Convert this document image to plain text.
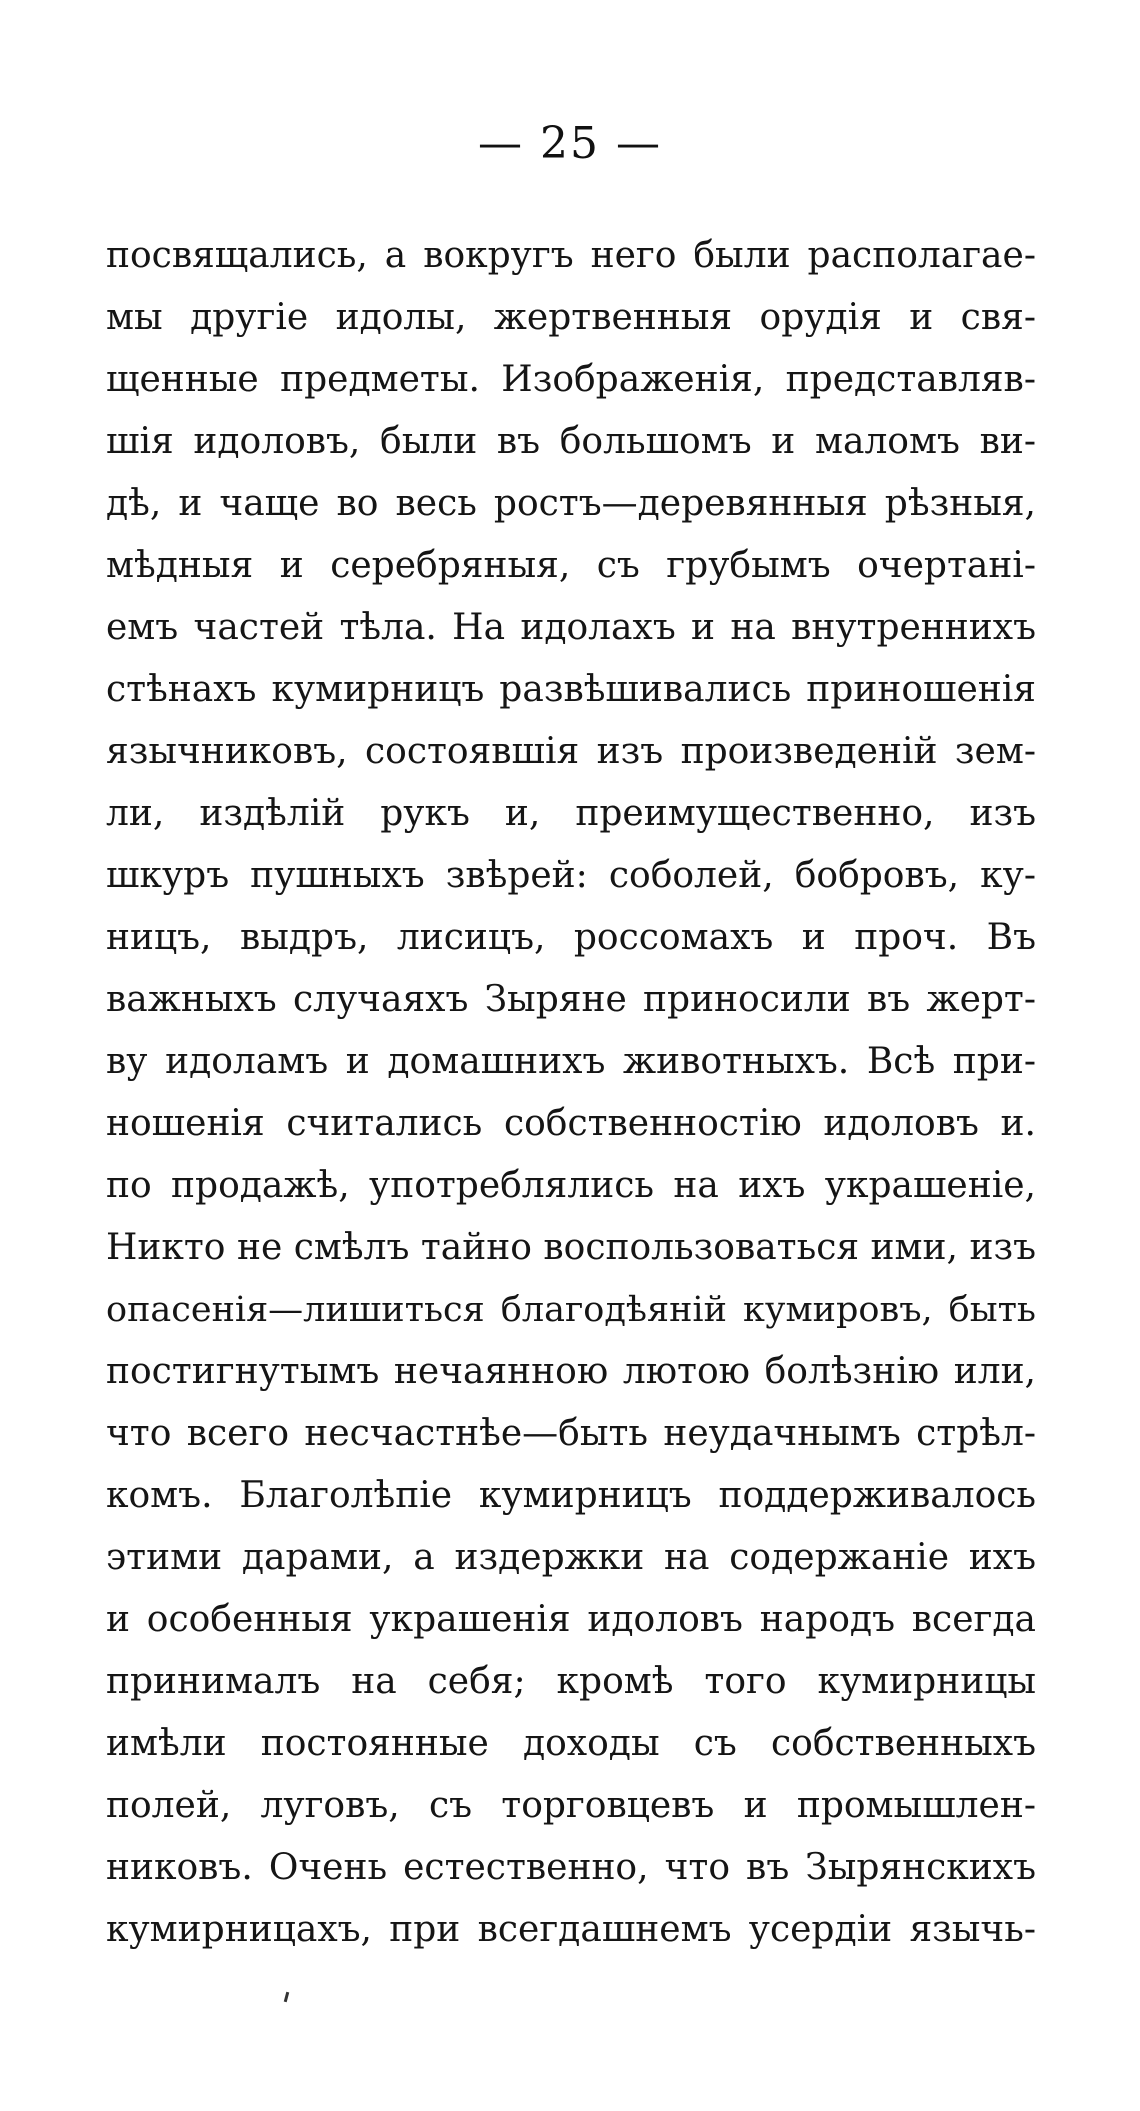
— 25 —
посвящались, а вокругъ него были располагае-
мы другіе идолы, жертвенныя орудія и свя-
щенные предметы. Изображенія, представляв-
шія идоловъ, были въ большомъ и маломъ ви-
дѣ, и чаще во весь ростъ—деревянныя рѣзныя,
мѣдныя и серебряныя, съ грубымъ очертані-
емъ частей тѣла. На идолахъ и на внутреннихъ
стѣнахъ кумирницъ развѣшивались приношенія
язычниковъ, состоявшія изъ произведеній зем-
ли, издѣлій рукъ и, преимущественно, изъ
шкуръ пушныхъ звѣрей: соболей, бобровъ, ку-
ницъ, выдръ, лисицъ, россомахъ и проч. Въ
важныхъ случаяхъ Зыряне приносили въ жерт-
ву идоламъ и домашнихъ животныхъ. Всѣ при-
ношенія считались собственностію идоловъ и.
по продажѣ, употреблялись на ихъ украшеніе,
Никто не смѣлъ тайно воспользоваться ими, изъ
опасенія—лишиться благодѣяній кумировъ, быть
постигнутымъ нечаянною лютою болѣзнію или,
что всего несчастнѣе—быть неудачнымъ стрѣл-
комъ. Благолѣпіе кумирницъ поддерживалось
этими дарами, а издержки на содержаніе ихъ
и особенныя украшенія идоловъ народъ всегда
принималъ на себя; кромѣ того кумирницы
имѣли постоянные доходы съ собственныхъ
полей, луговъ, съ торговцевъ и промышлен-
никовъ. Очень естественно, что въ Зырянскихъ
кумирницахъ, при всегдашнемъ усердіи язычь-
